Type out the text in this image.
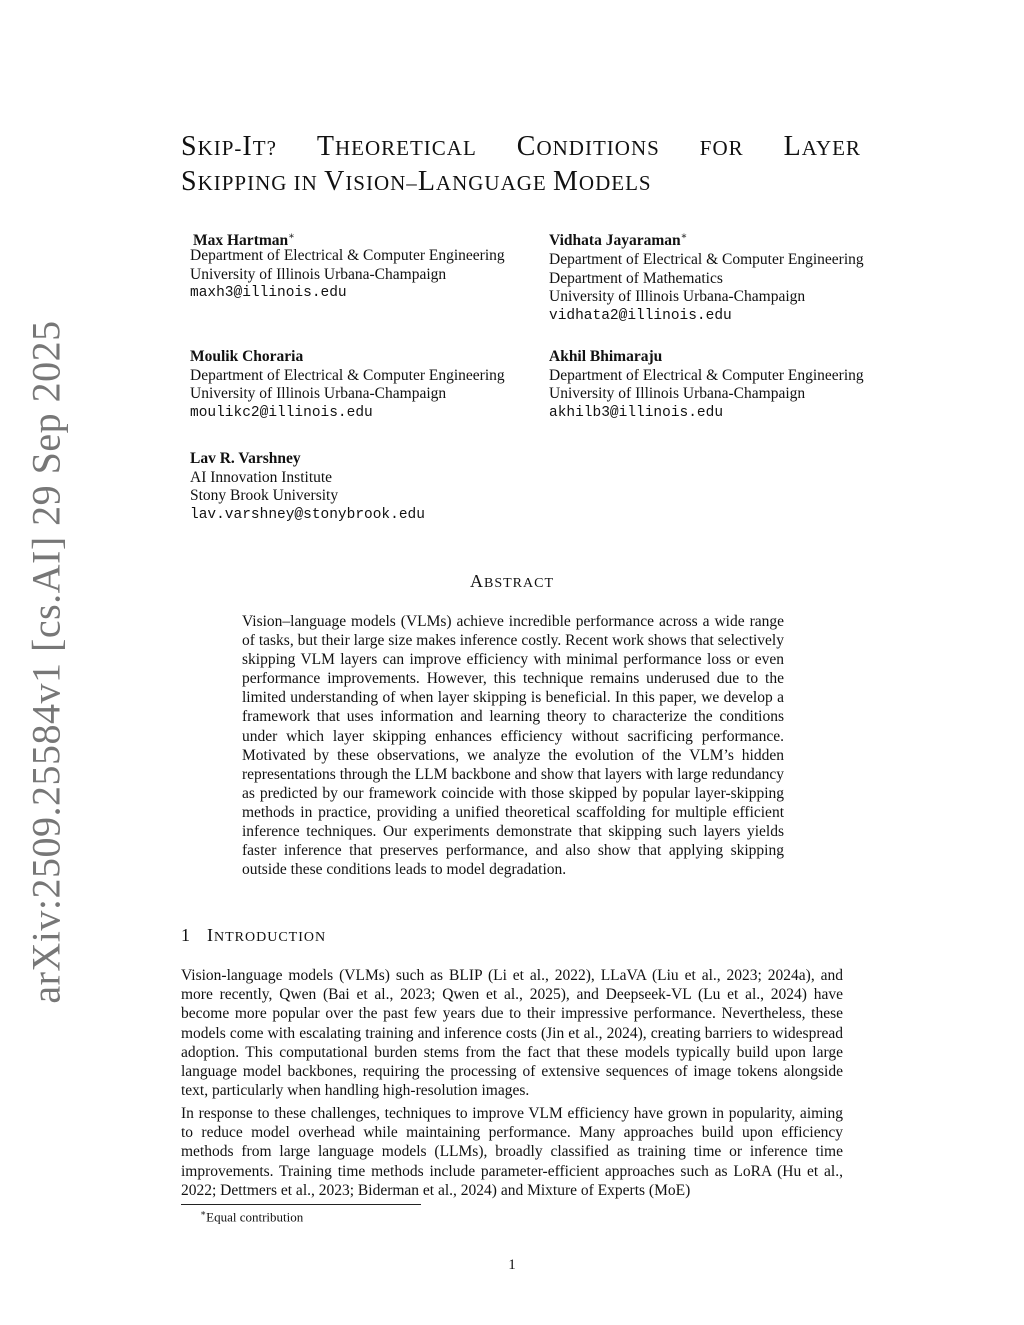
arXiv:2509.25584v1 [cs.AI] 29 Sep 2025
SKIP-IT? THEORETICAL CONDITIONS FOR LAYER
SKIPPING IN VISION–LANGUAGE MODELS
Max Hartman∗
Department of Electrical & Computer Engineering
University of Illinois Urbana-Champaign
maxh3@illinois.edu
Vidhata Jayaraman∗
Department of Electrical & Computer Engineering
Department of Mathematics
University of Illinois Urbana-Champaign
vidhata2@illinois.edu
Moulik Choraria
Department of Electrical & Computer Engineering
University of Illinois Urbana-Champaign
moulikc2@illinois.edu
Akhil Bhimaraju
Department of Electrical & Computer Engineering
University of Illinois Urbana-Champaign
akhilb3@illinois.edu
Lav R. Varshney
AI Innovation Institute
Stony Brook University
lav.varshney@stonybrook.edu
ABSTRACT
Vision–language models (VLMs) achieve incredible performance across a wide range of tasks, but their large size makes inference costly. Recent work shows that selectively skipping VLM layers can improve efficiency with minimal performance loss or even performance improvements. However, this technique remains underused due to the limited understanding of when layer skipping is beneficial. In this paper, we develop a framework that uses information and learning theory to characterize the conditions under which layer skipping enhances efficiency without sacrificing performance. Motivated by these observations, we analyze the evolution of the VLM’s hidden representations through the LLM backbone and show that layers with large redundancy as predicted by our framework coincide with those skipped by popular layer-skipping methods in practice, providing a unified theoretical scaffolding for multiple efficient inference techniques. Our experiments demonstrate that skipping such layers yields faster inference that preserves performance, and also show that applying skipping outside these conditions leads to model degradation.
1 INTRODUCTION
Vision-language models (VLMs) such as BLIP (Li et al., 2022), LLaVA (Liu et al., 2023; 2024a), and more recently, Qwen (Bai et al., 2023; Qwen et al., 2025), and Deepseek-VL (Lu et al., 2024) have become more popular over the past few years due to their impressive performance. Nevertheless, these models come with escalating training and inference costs (Jin et al., 2024), creating barriers to widespread adoption. This computational burden stems from the fact that these models typically build upon large language model backbones, requiring the processing of extensive sequences of image tokens alongside text, particularly when handling high-resolution images.
In response to these challenges, techniques to improve VLM efficiency have grown in popularity, aiming to reduce model overhead while maintaining performance. Many approaches build upon efficiency methods from large language models (LLMs), broadly classified as training time or inference time improvements. Training time methods include parameter-efficient approaches such as LoRA (Hu et al., 2022; Dettmers et al., 2023; Biderman et al., 2024) and Mixture of Experts (MoE)
∗Equal contribution
1
